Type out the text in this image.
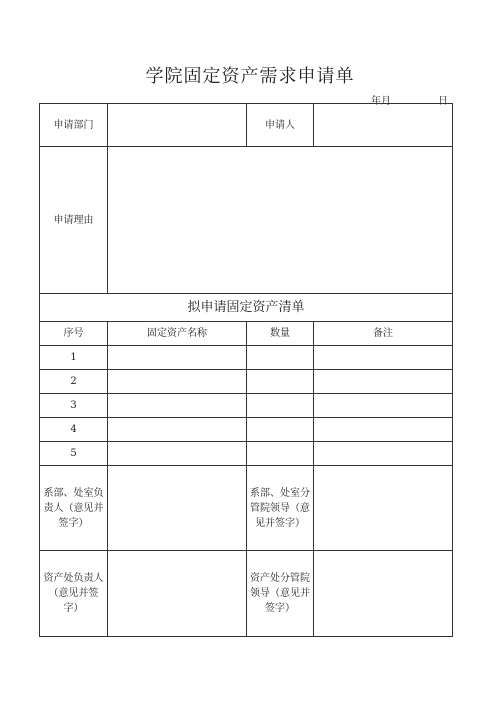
学院固定资产需求申请单
年月	日
申请部门		申请人	
申请理由			
拟申请固定资产清单			
序号	固定资产名称	数量	备注
1			
2			
3			
4			
5			
系部、处室负责人（意见并签字）		系部、处室分管院领导（意见并签字）	
资产处负责人（意见并签字）		资产处分管院领导（意见并签字）	
